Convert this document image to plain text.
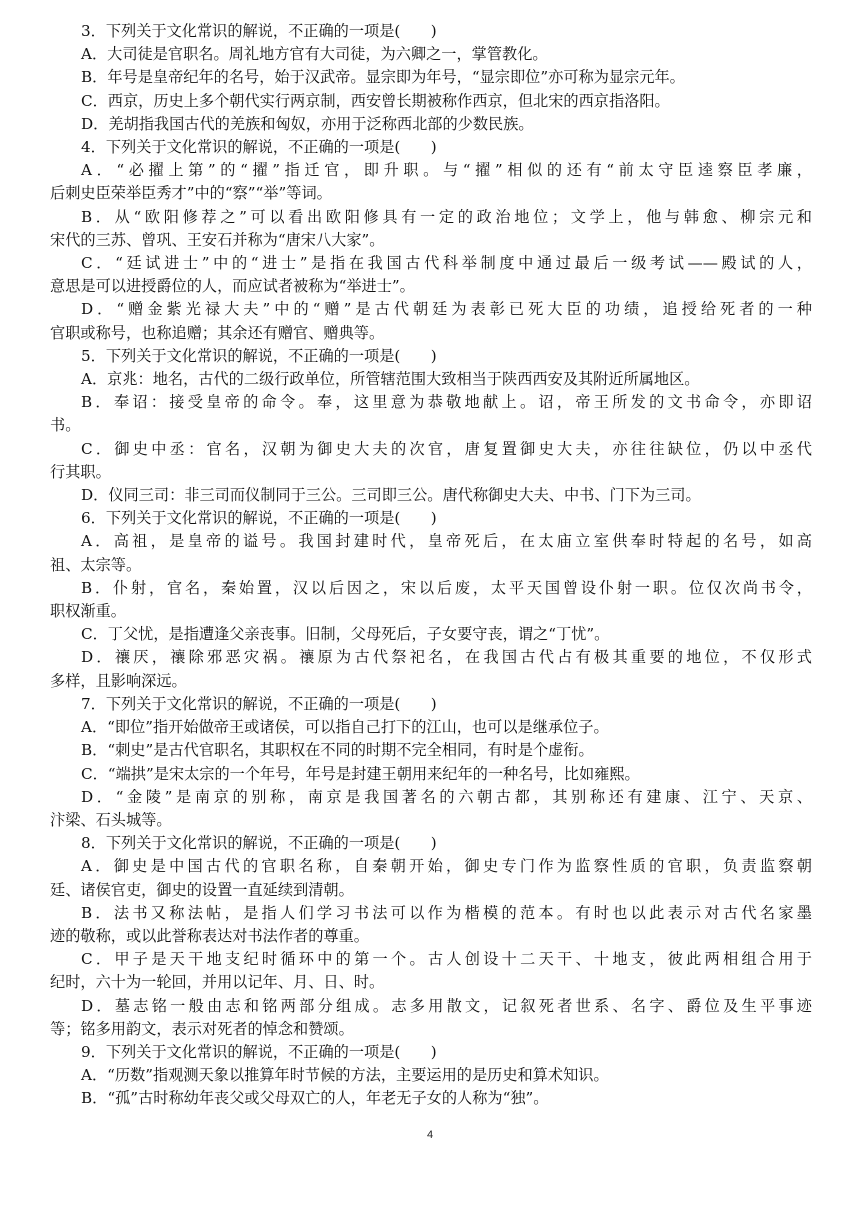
3．下列关于文化常识的解说，不正确的一项是(　　)
A．大司徒是官职名。周礼地方官有大司徒，为六卿之一，掌管教化。
B．年号是皇帝纪年的名号，始于汉武帝。显宗即为年号，“显宗即位”亦可称为显宗元年。
C．西京，历史上多个朝代实行两京制，西安曾长期被称作西京，但北宋的西京指洛阳。
D．羌胡指我国古代的羌族和匈奴，亦用于泛称西北部的少数民族。
4．下列关于文化常识的解说，不正确的一项是(　　)
A．“必擢上第”的“擢”指迁官，即升职。与“擢”相似的还有“前太守臣逵察臣孝廉，
后刺史臣荣举臣秀才”中的“察”“举”等词。
B．从“欧阳修荐之”可以看出欧阳修具有一定的政治地位；文学上，他与韩愈、柳宗元和
宋代的三苏、曾巩、王安石并称为“唐宋八大家”。
C．“廷试进士”中的“进士”是指在我国古代科举制度中通过最后一级考试——殿试的人，
意思是可以进授爵位的人，而应试者被称为“举进士”。
D．“赠金紫光禄大夫”中的“赠”是古代朝廷为表彰已死大臣的功绩，追授给死者的一种
官职或称号，也称追赠；其余还有赠官、赠典等。
5．下列关于文化常识的解说，不正确的一项是(　　)
A．京兆：地名，古代的二级行政单位，所管辖范围大致相当于陕西西安及其附近所属地区。
B．奉诏：接受皇帝的命令。奉，这里意为恭敬地献上。诏，帝王所发的文书命令，亦即诏
书。
C．御史中丞：官名，汉朝为御史大夫的次官，唐复置御史大夫，亦往往缺位，仍以中丞代
行其职。
D．仪同三司：非三司而仪制同于三公。三司即三公。唐代称御史大夫、中书、门下为三司。
6．下列关于文化常识的解说，不正确的一项是(　　)
A．高祖，是皇帝的谥号。我国封建时代，皇帝死后，在太庙立室供奉时特起的名号，如高
祖、太宗等。
B．仆射，官名，秦始置，汉以后因之，宋以后废，太平天国曾设仆射一职。位仅次尚书令，
职权渐重。
C．丁父忧，是指遭逢父亲丧事。旧制，父母死后，子女要守丧，谓之“丁忧”。
D．禳厌，禳除邪恶灾祸。禳原为古代祭祀名，在我国古代占有极其重要的地位，不仅形式
多样，且影响深远。
7．下列关于文化常识的解说，不正确的一项是(　　)
A．“即位”指开始做帝王或诸侯，可以指自己打下的江山，也可以是继承位子。
B．“刺史”是古代官职名，其职权在不同的时期不完全相同，有时是个虚衔。
C．“端拱”是宋太宗的一个年号，年号是封建王朝用来纪年的一种名号，比如雍熙。
D．“金陵”是南京的别称，南京是我国著名的六朝古都，其别称还有建康、江宁、天京、
汴梁、石头城等。
8．下列关于文化常识的解说，不正确的一项是(　　)
A．御史是中国古代的官职名称，自秦朝开始，御史专门作为监察性质的官职，负责监察朝
廷、诸侯官吏，御史的设置一直延续到清朝。
B．法书又称法帖，是指人们学习书法可以作为楷模的范本。有时也以此表示对古代名家墨
迹的敬称，或以此誉称表达对书法作者的尊重。
C．甲子是天干地支纪时循环中的第一个。古人创设十二天干、十地支，彼此两相组合用于
纪时，六十为一轮回，并用以记年、月、日、时。
D．墓志铭一般由志和铭两部分组成。志多用散文，记叙死者世系、名字、爵位及生平事迹
等；铭多用韵文，表示对死者的悼念和赞颂。
9．下列关于文化常识的解说，不正确的一项是(　　)
A．“历数”指观测天象以推算年时节候的方法，主要运用的是历史和算术知识。
B．“孤”古时称幼年丧父或父母双亡的人，年老无子女的人称为“独”。
4
